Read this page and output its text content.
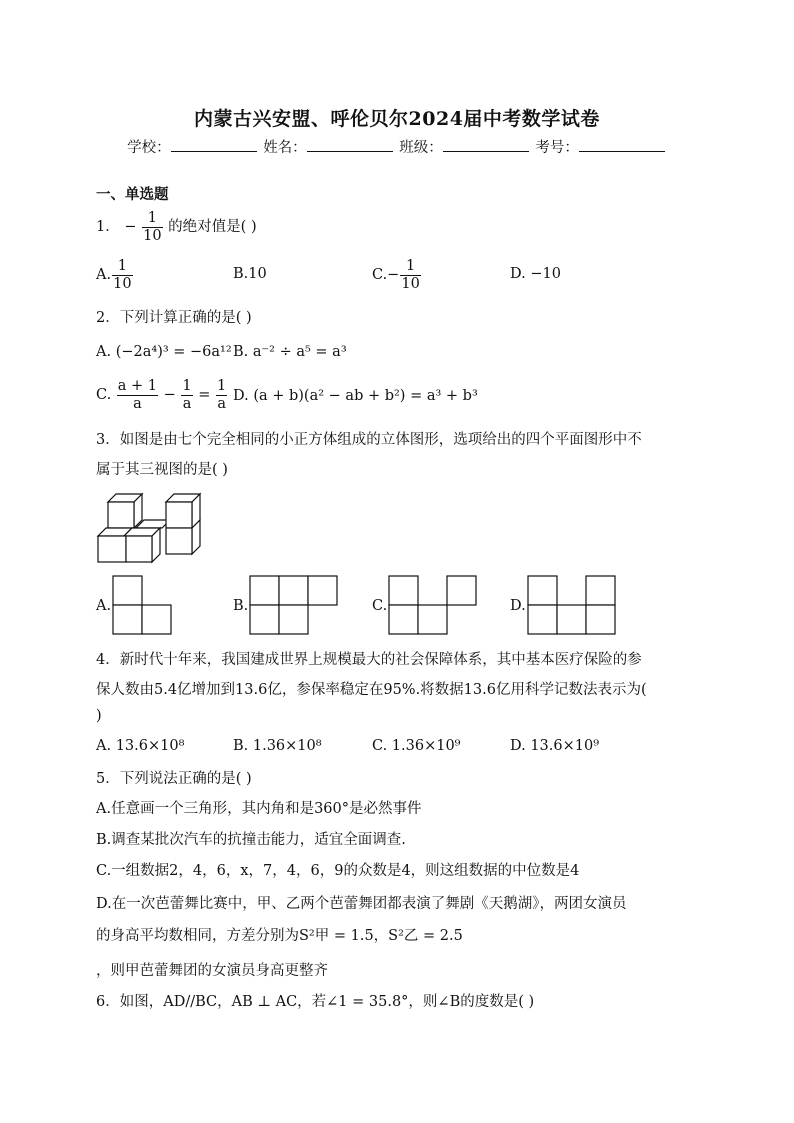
内蒙古兴安盟、呼伦贝尔2024届中考数学试卷
学校：	姓名：	班级：	考号：
一、单选题
1． − $\frac{1}{10}$ 的绝对值是( )
A. $\frac{1}{10}$	B.10	$C.- \frac{1}{10}$	D. −10
2．下列计算正确的是( )
A. (−2a⁴)³ = −6a¹² B. a⁻² ÷ a⁵ = a³
C. $\frac{a + 1}{a} - \frac{1}{a} = \frac{1}{a} D$. (a + b)(a² − ab + b²) = a³ + b³
3．如图是由七个完全相同的小正方体组成的立体图形，选项给出的四个平面图形中不
属于其三视图的是( )
A.	B.	C.	D.
4．新时代十年来，我国建成世界上规模最大的社会保障体系，其中基本医疗保险的参
保人数由5.4亿增加到13.6亿，参保率稳定在95%.将数据13.6亿用科学记数法表示为(
)
A. 13.6×10⁸	B. 1.36×10⁸	C. 1.36×10⁹	D. 13.6×10⁹
5．下列说法正确的是( )
A.任意画一个三角形，其内角和是360°是必然事件
B.调查某批次汽车的抗撞击能力，适宜全面调查.
C.一组数据2，4，6，x，7，4，6，9的众数是4，则这组数据的中位数是4
D.在一次芭蕾舞比赛中，甲、乙两个芭蕾舞团都表演了舞剧《天鹅湖》，两团女演员
的身高平均数相同，方差分别为S²甲 = 1.5，S²乙 = 2.5
，则甲芭蕾舞团的女演员身高更整齐
6．如图，AD//BC，AB ⊥ AC，若∠1 = 35.8°，则∠B的度数是( )
